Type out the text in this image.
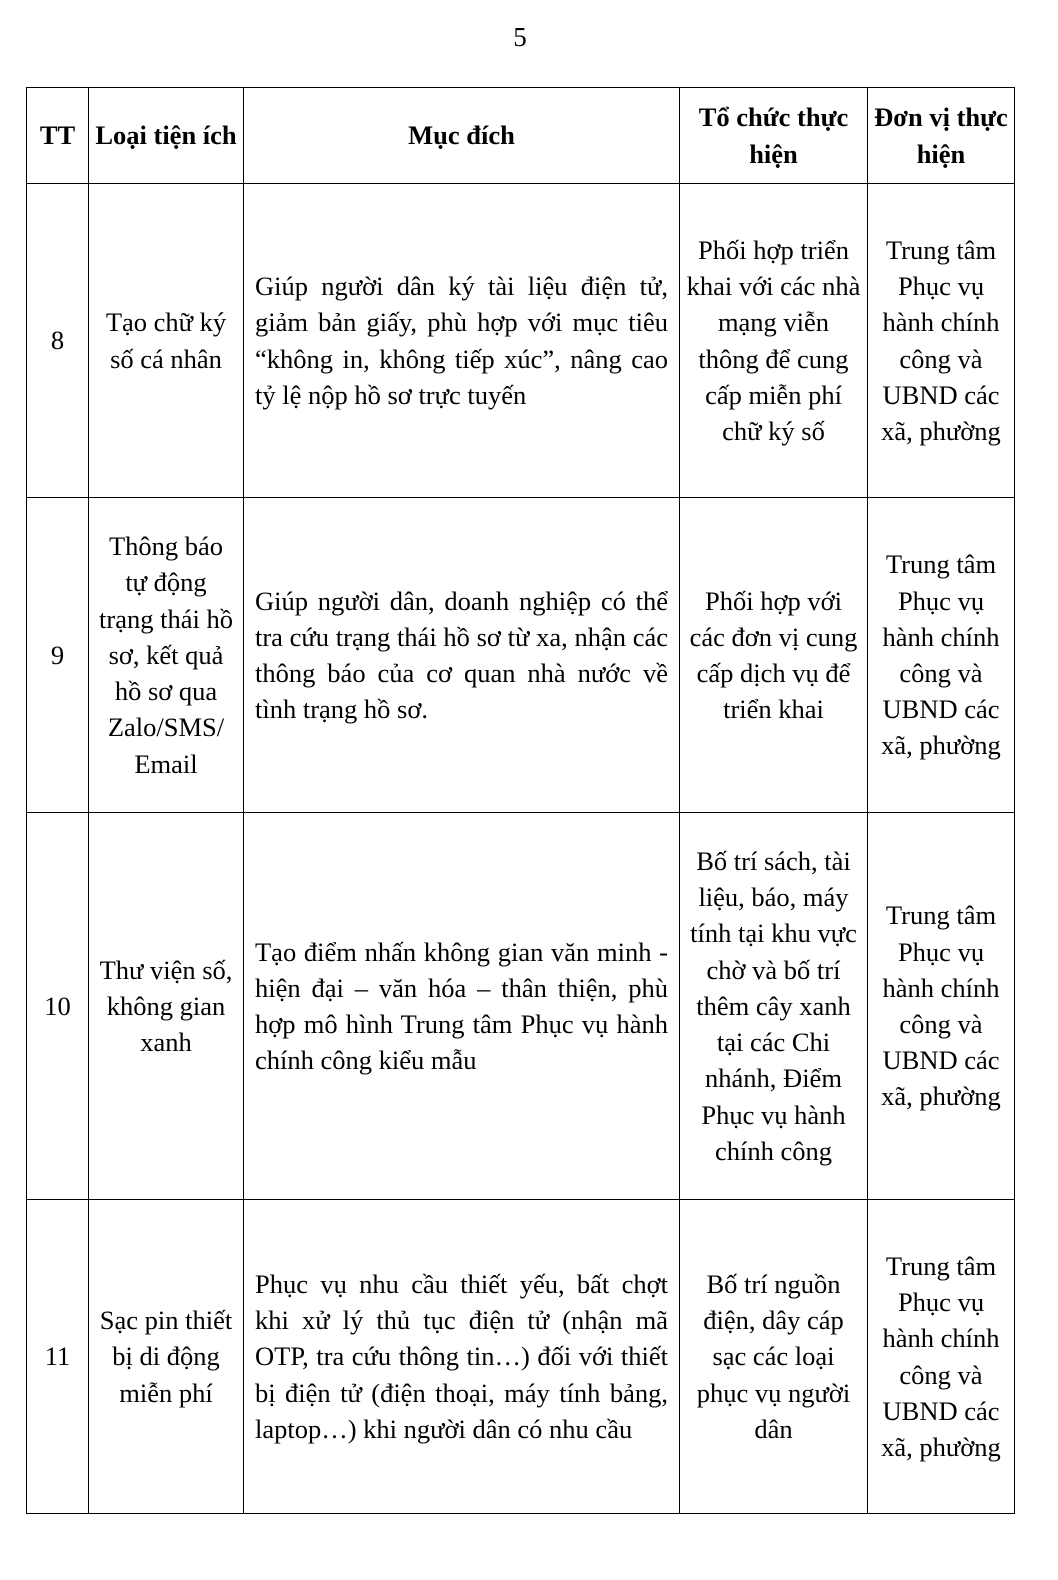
5
TT	Loại tiện ích	Mục đích	Tổ chức thực hiện	Đơn vị thực hiện
8	Tạo chữ ký số cá nhân	Giúp người dân ký tài liệu điện tử, giảm bản giấy, phù hợp với mục tiêu “không in, không tiếp xúc”, nâng cao tỷ lệ nộp hồ sơ trực tuyến	Phối hợp triển khai với các nhà mạng viễn thông để cung cấp miễn phí chữ ký số	Trung tâm Phục vụ hành chính công và UBND các xã, phường
9	Thông báo tự động trạng thái hồ sơ, kết quả hồ sơ qua Zalo/SMS/ Email	Giúp người dân, doanh nghiệp có thể tra cứu trạng thái hồ sơ từ xa, nhận các thông báo của cơ quan nhà nước về tình trạng hồ sơ.	Phối hợp với các đơn vị cung cấp dịch vụ để triển khai	Trung tâm Phục vụ hành chính công và UBND các xã, phường
10	Thư viện số, không gian xanh	Tạo điểm nhấn không gian văn minh - hiện đại – văn hóa – thân thiện, phù hợp mô hình Trung tâm Phục vụ hành chính công kiểu mẫu	Bố trí sách, tài liệu, báo, máy tính tại khu vực chờ và bố trí thêm cây xanh tại các Chi nhánh, Điểm Phục vụ hành chính công	Trung tâm Phục vụ hành chính công và UBND các xã, phường
11	Sạc pin thiết bị di động miễn phí	Phục vụ nhu cầu thiết yếu, bất chợt khi xử lý thủ tục điện tử (nhận mã OTP, tra cứu thông tin…) đối với thiết bị điện tử (điện thoại, máy tính bảng, laptop…) khi người dân có nhu cầu	Bố trí nguồn điện, dây cáp sạc các loại phục vụ người dân	Trung tâm Phục vụ hành chính công và UBND các xã, phường
